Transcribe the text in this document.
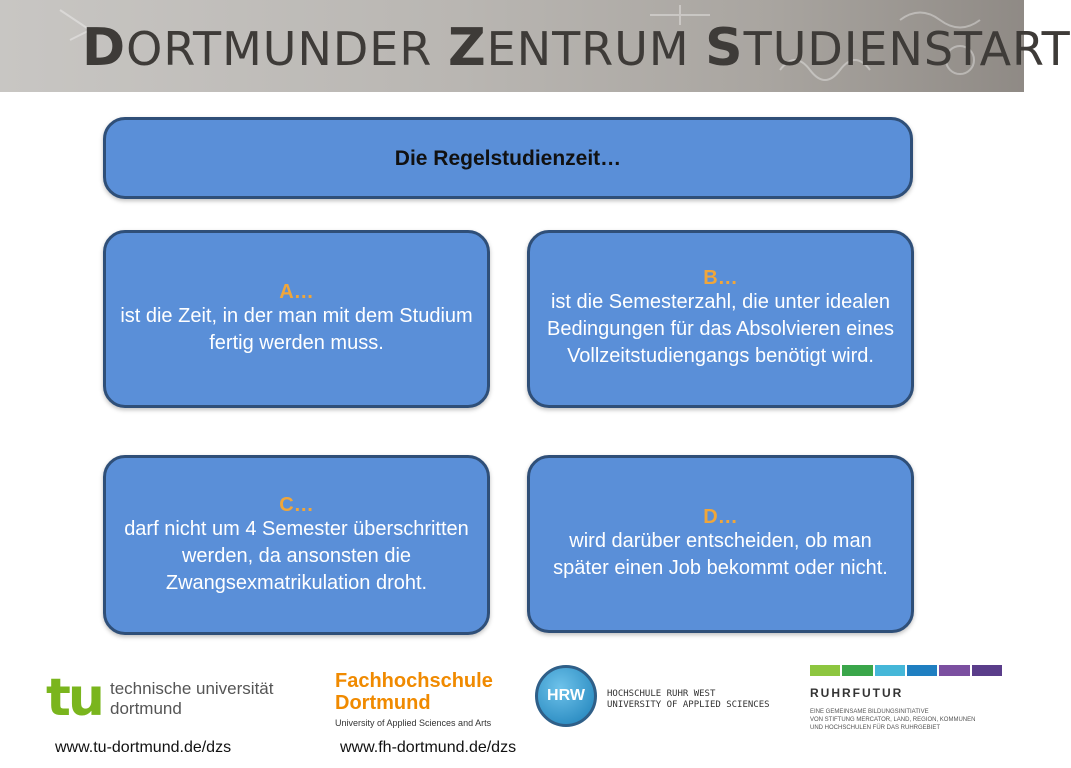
DORTMUNDER ZENTRUM STUDIENSTART
Die Regelstudienzeit…
A…
ist die Zeit, in der man mit dem Studium fertig werden muss.
B…
ist die Semesterzahl, die unter idealen Bedingungen für das Absolvieren eines Vollzeitstudiengangs benötigt wird.
C…
darf nicht um 4 Semester überschritten werden, da ansonsten die Zwangsexmatrikulation droht.
D…
wird darüber entscheiden, ob man später einen Job bekommt oder nicht.
tu technische universität
dortmund
Fachhochschule
Dortmund
University of Applied Sciences and Arts
HRW HOCHSCHULE RUHR WEST
UNIVERSITY OF APPLIED SCIENCES
RUHRFUTUR
EINE GEMEINSAME BILDUNGSINITIATIVE
VON STIFTUNG MERCATOR, LAND, REGION, KOMMUNEN
UND HOCHSCHULEN FÜR DAS RUHRGEBIET
www.tu-dortmund.de/dzs	www.fh-dortmund.de/dzs
